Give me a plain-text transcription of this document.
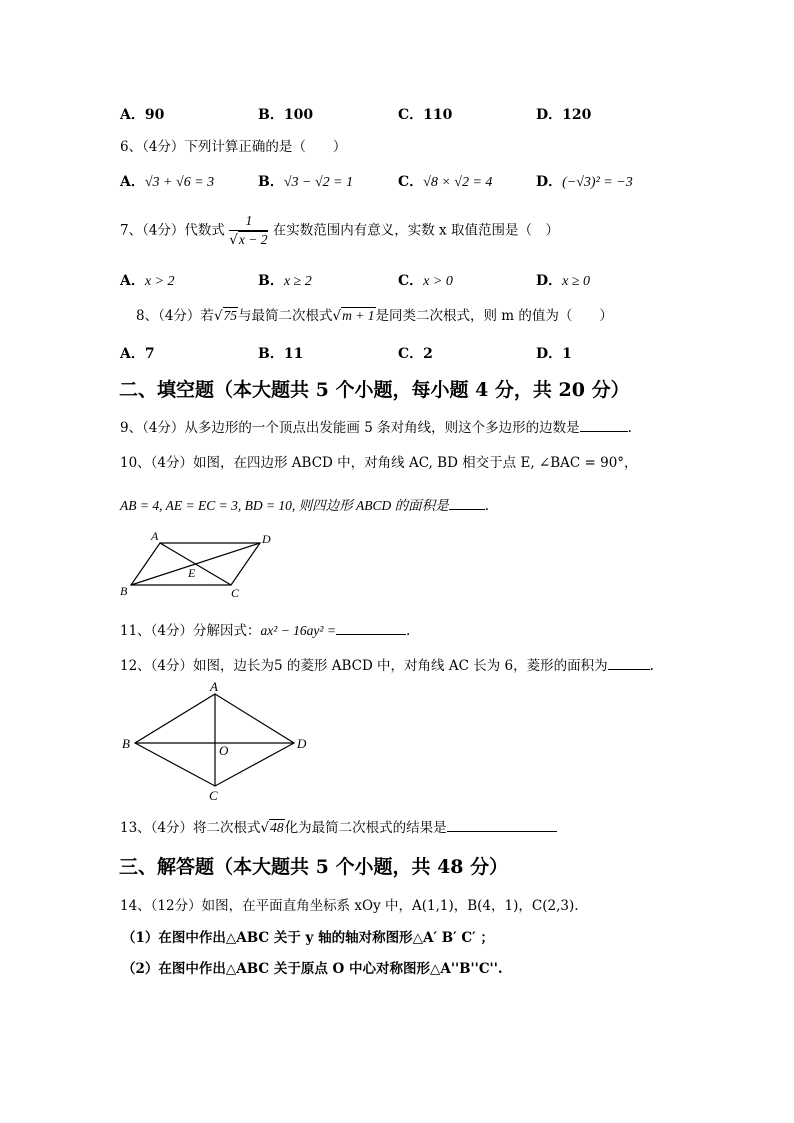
A．90	B．100	C．110	D．120
6、（4分）下列计算正确的是（　　）
A．√3 + √6 = 3	B．√3 − √2 = 1	C．√8 × √2 = 4	D．(−√3)² = −3
7、（4分）代数式 $\frac{1}{√x - 2}$ 在实数范围内有意义，实数 x 取值范围是（　）
A．x > 2	B．x ≥ 2	C．x > 0	D．x ≥ 0
8、（4分）若√75与最简二次根式√m + 1是同类二次根式，则 m 的值为（　　）
A．7	B．11	C．2	D．1
二、填空题（本大题共 5 个小题，每小题 4 分，共 20 分）
9、（4分）从多边形的一个顶点出发能画 5 条对角线，则这个多边形的边数是	.
10、（4分）如图，在四边形 ABCD 中，对角线 AC, BD 相交于点 E, ∠BAC = 90°，
AB = 4, AE = EC = 3, BD = 10, 则四边形 ABCD 的面积是	.
A	D
B	C
E
11、（4分）分解因式：ax² − 16ay² =	.
12、（4分）如图，边长为5 的菱形 ABCD 中，对角线 AC 长为 6，菱形的面积为	.
A
B	D
O
C
13、（4分）将二次根式√48化为最简二次根式的结果是
三、解答题（本大题共 5 个小题，共 48 分）
14、（12分）如图，在平面直角坐标系 xOy 中，A(1,1)，B(4，1)，C(2,3).
（1）在图中作出△ABC 关于 y 轴的轴对称图形△A′ B′ C′ ；
（2）在图中作出△ABC 关于原点 O 中心对称图形△A''B''C''.
